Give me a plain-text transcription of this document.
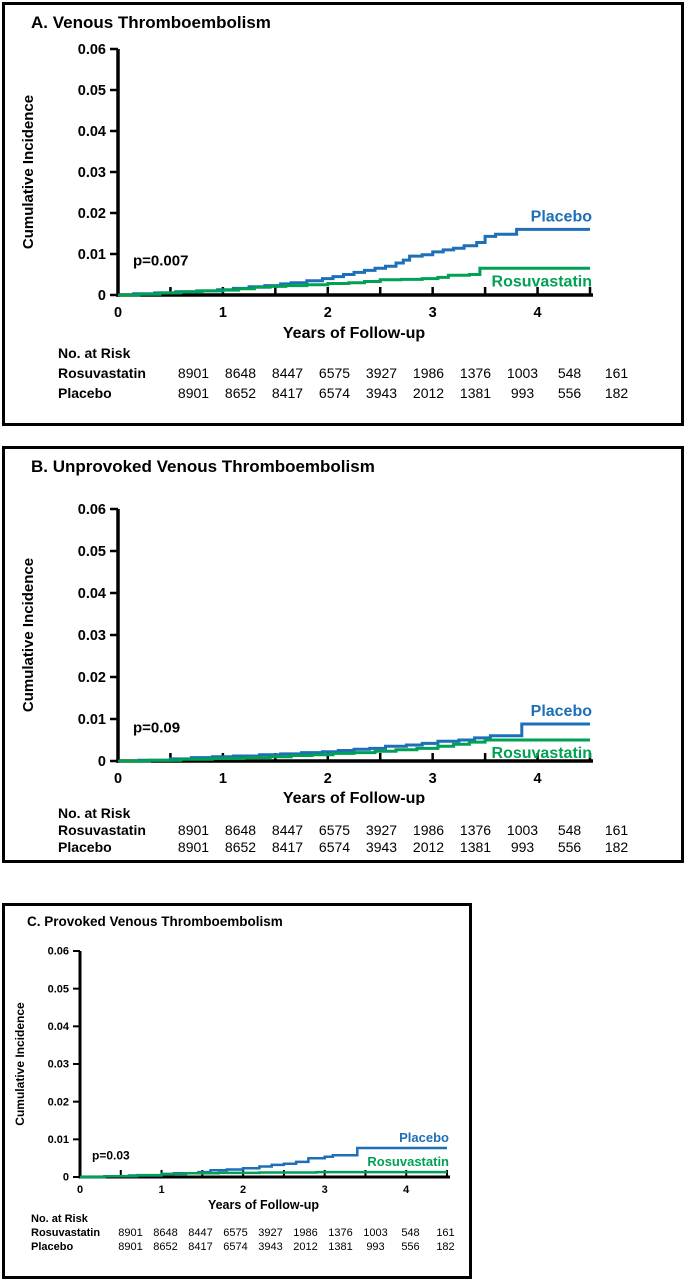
A. Venous Thromboembolism
0
0.01
0.02
0.03
0.04
0.05
0.06
0	1	2	3	4
Cumulative Incidence
Years of Follow-up
p=0.007
Placebo
Rosuvastatin
No. at Risk
Rosuvastatin	8901	8648	8447	6575	3927	1986	1376	1003	548	161
Placebo	8901	8652	8417	6574	3943	2012	1381	993	556	182
B. Unprovoked Venous Thromboembolism
0
0.01
0.02
0.03
0.04
0.05
0.06
0	1	2	3	4
Cumulative Incidence
Years of Follow-up
p=0.09
Placebo
Rosuvastatin
No. at Risk
Rosuvastatin	8901	8648	8447	6575	3927	1986	1376	1003	548	161
Placebo	8901	8652	8417	6574	3943	2012	1381	993	556	182
C. Provoked Venous Thromboembolism
0
0.01
0.02
0.03
0.04
0.05
0.06
0	1	2	3	4
Cumulative Incidence
Years of Follow-up
p=0.03
Placebo
Rosuvastatin
No. at Risk
Rosuvastatin	8901 8648 8447 6575 3927 1986 1376 1003	548	161
Placebo	8901 8652 8417 6574 3943 2012 1381	993	556	182
